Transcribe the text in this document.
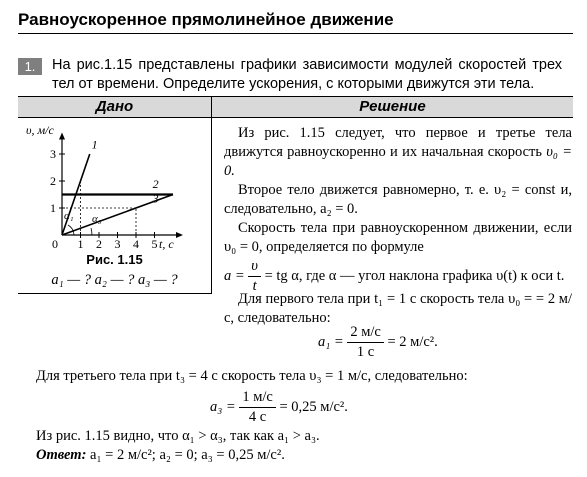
Равноускоренное прямолинейное движение
1.	На рис.1.15 представлены графики зависимости модулей скоростей трех тел от времени. Определите ускорения, с которыми движутся эти тела.
Дано	Решение
υ, м/с
t, с
0 1 2 3 4 5
1
2
3
1
2
3
α₁ α₃
Рис. 1.15
a₁ — ? a₂ — ? a₃ — ?
Из рис. 1.15 следует, что первое и третье тела движутся равноускоренно и их начальная скорость υ₀ = 0.
Второе тело движется равномерно, т. е. υ₂ = const и, следовательно, a₂ = 0.
Скорость тела при равноускоренном движении, если υ₀ = 0, определяется по формуле
$a = \frac{\upsilon}{t}$ = tg α, где α — угол наклона графика υ(t) к оси t.
Для первого тела при t₁ = 1 с скорость тела υ₀ = = 2 м/с, следовательно:
$a_1 = \frac{2 м/с}{1 с} = 2$ м/с².
Для третьего тела при t₃ = 4 с скорость тела υ₃ = 1 м/с, следовательно:
$a_3 = \frac{1 м/с}{4 с} = 0,25$ м/с².
Из рис. 1.15 видно, что α₁ > α₃, так как a₁ > a₃.
Ответ: a₁ = 2 м/с²; a₂ = 0; a₃ = 0,25 м/с².
